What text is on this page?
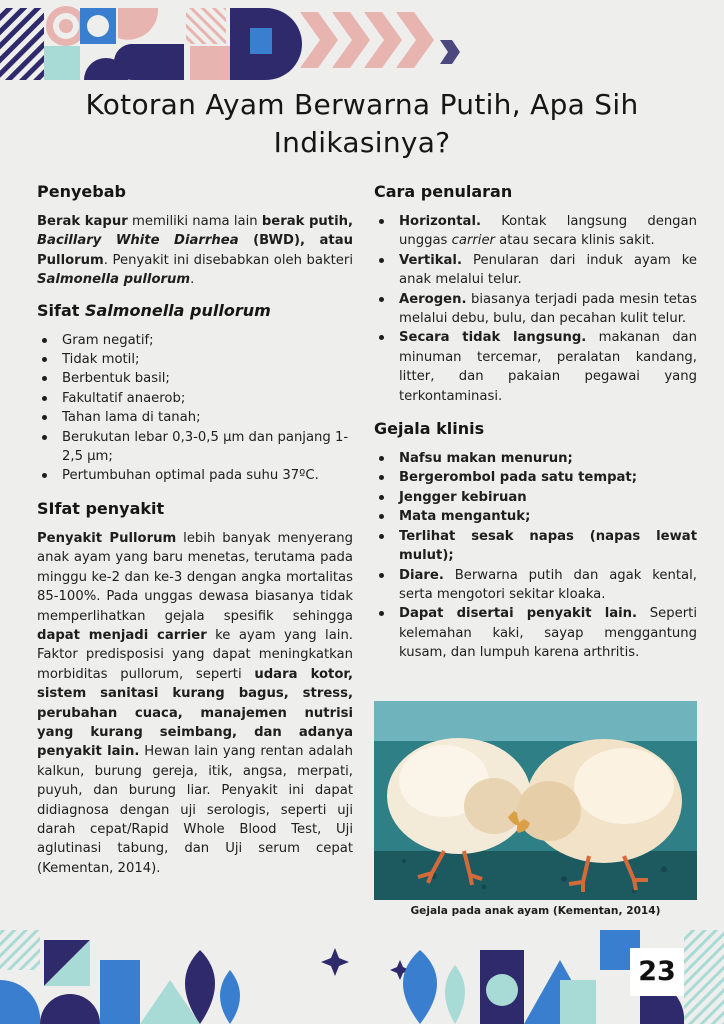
Kotoran Ayam Berwarna Putih, Apa Sih
Indikasinya?
Penyebab

Berak kapur memiliki nama lain berak putih, Bacillary White Diarrhea (BWD), atau Pullorum. Penyakit ini disebabkan oleh bakteri Salmonella pullorum.

Sifat Salmonella pullorum
Gram negatif;
Tidak motil;
Berbentuk basil;
Fakultatif anaerob;
Tahan lama di tanah;
Berukutan lebar 0,3-0,5 μm dan panjang 1-2,5 μm;
Pertumbuhan optimal pada suhu 37ºC.
SIfat penyakit

Penyakit Pullorum lebih banyak menyerang anak ayam yang baru menetas, terutama pada minggu ke-2 dan ke-3 dengan angka mortalitas 85-100%. Pada unggas dewasa biasanya tidak memperlihatkan gejala spesifik sehingga dapat menjadi carrier ke ayam yang lain. Faktor predisposisi yang dapat meningkatkan morbiditas pullorum, seperti udara kotor, sistem sanitasi kurang bagus, stress, perubahan cuaca, manajemen nutrisi yang kurang seimbang, dan adanya penyakit lain. Hewan lain yang rentan adalah kalkun, burung gereja, itik, angsa, merpati, puyuh, dan burung liar. Penyakit ini dapat didiagnosa dengan uji serologis, seperti uji darah cepat/Rapid Whole Blood Test, Uji aglutinasi tabung, dan Uji serum cepat (Kementan, 2014).

Cara penularan
Horizontal. Kontak langsung dengan unggas carrier atau secara klinis sakit.
Vertikal. Penularan dari induk ayam ke anak melalui telur.
Aerogen. biasanya terjadi pada mesin tetas melalui debu, bulu, dan pecahan kulit telur.
Secara tidak langsung. makanan dan minuman tercemar, peralatan kandang, litter, dan pakaian pegawai yang terkontaminasi.
Gejala klinis
Nafsu makan menurun;
Bergerombol pada satu tempat;
Jengger kebiruan
Mata mengantuk;
Terlihat sesak napas (napas lewat mulut);
Diare. Berwarna putih dan agak kental, serta mengotori sekitar kloaka.
Dapat disertai penyakit lain. Seperti kelemahan kaki, sayap menggantung kusam, dan lumpuh karena arthritis.
Gejala pada anak ayam (Kementan, 2014)
23
